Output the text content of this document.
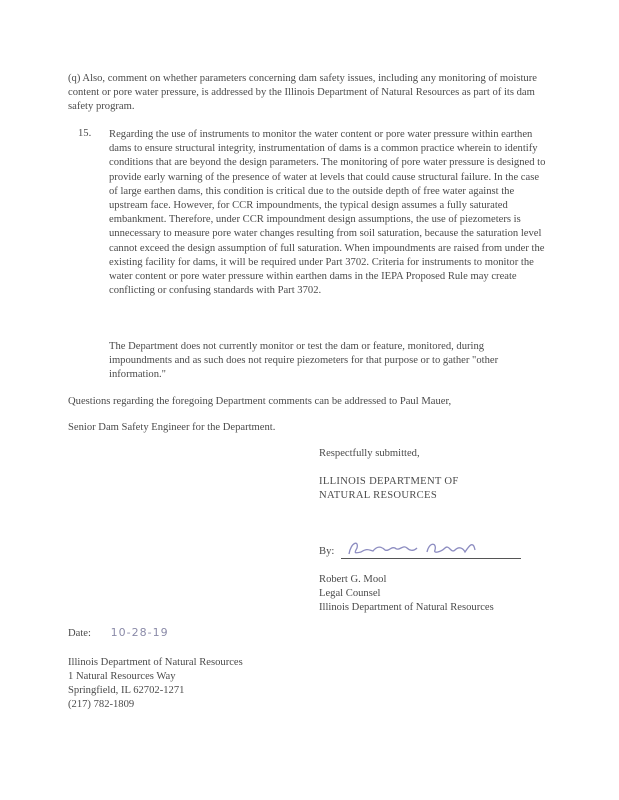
(q) Also, comment on whether parameters concerning dam safety issues, including any monitoring of moisture content or pore water pressure, is addressed by the Illinois Department of Natural Resources as part of its dam safety program.

15. Regarding the use of instruments to monitor the water content or pore water pressure within earthen dams to ensure structural integrity, instrumentation of dams is a common practice wherein to identify conditions that are beyond the design parameters. The monitoring of pore water pressure is designed to provide early warning of the presence of water at levels that could cause structural failure. In the case of large earthen dams, this condition is critical due to the outside depth of free water against the upstream face. However, for CCR impoundments, the typical design assumes a fully saturated embankment. Therefore, under CCR impoundment design assumptions, the use of piezometers is unnecessary to measure pore water changes resulting from soil saturation, because the saturation level cannot exceed the design assumption of full saturation. When impoundments are raised from under the existing facility for dams, it will be required under Part 3702. Criteria for instruments to monitor the water content or pore water pressure within earthen dams in the IEPA Proposed Rule may create conflicting or confusing standards with Part 3702.

The Department does not currently monitor or test the dam or feature, monitored, during impoundments and as such does not require piezometers for that purpose or to gather "other information."

Questions regarding the foregoing Department comments can be addressed to Paul Mauer,

Senior Dam Safety Engineer for the Department.

Respectfully submitted,
ILLINOIS DEPARTMENT OF
NATURAL RESOURCES
By:
Robert G. Mool
Legal Counsel
Illinois Department of Natural Resources
Date: 10-28-19
Illinois Department of Natural Resources
1 Natural Resources Way
Springfield, IL 62702-1271
(217) 782-1809
